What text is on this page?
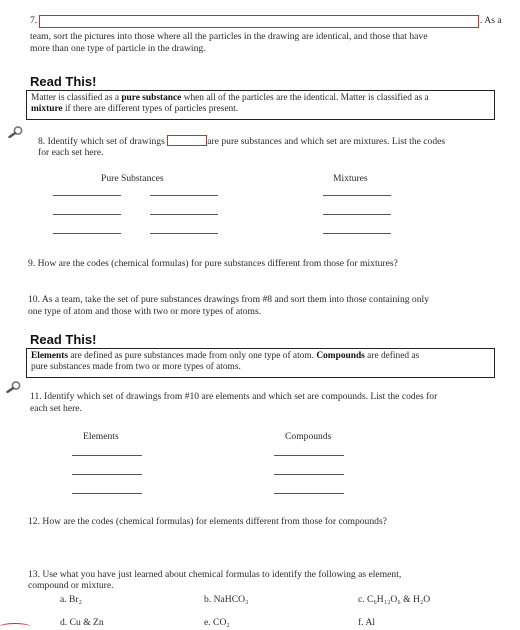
7.	. As a
team, sort the pictures into those where all the particles in the drawing are identical, and those that have
more than one type of particle in the drawing.
Read This!
Matter is classified as a pure substance when all of the particles are the identical. Matter is classified as a
mixture if there are different types of particles present.
8. Identify which set of drawings	are pure substances and which set are mixtures. List the codes
for each set here.
Pure Substances	Mixtures
9. How are the codes (chemical formulas) for pure substances different from those for mixtures?
10. As a team, take the set of pure substances drawings from #8 and sort them into those containing only
one type of atom and those with two or more types of atoms.
Read This!
Elements are defined as pure substances made from only one type of atom. Compounds are defined as
pure substances made from two or more types of atoms.
11. Identify which set of drawings from #10 are elements and which set are compounds. List the codes for
each set here.
Elements	Compounds
12. How are the codes (chemical formulas) for elements different from those for compounds?
13. Use what you have just learned about chemical formulas to identify the following as element,
compound or mixture.
a. Br₂	b. NaHCO₃	c. C₆H₁₂O₆ & H₂O
d. Cu & Zn	e. CO₂	f. Al
